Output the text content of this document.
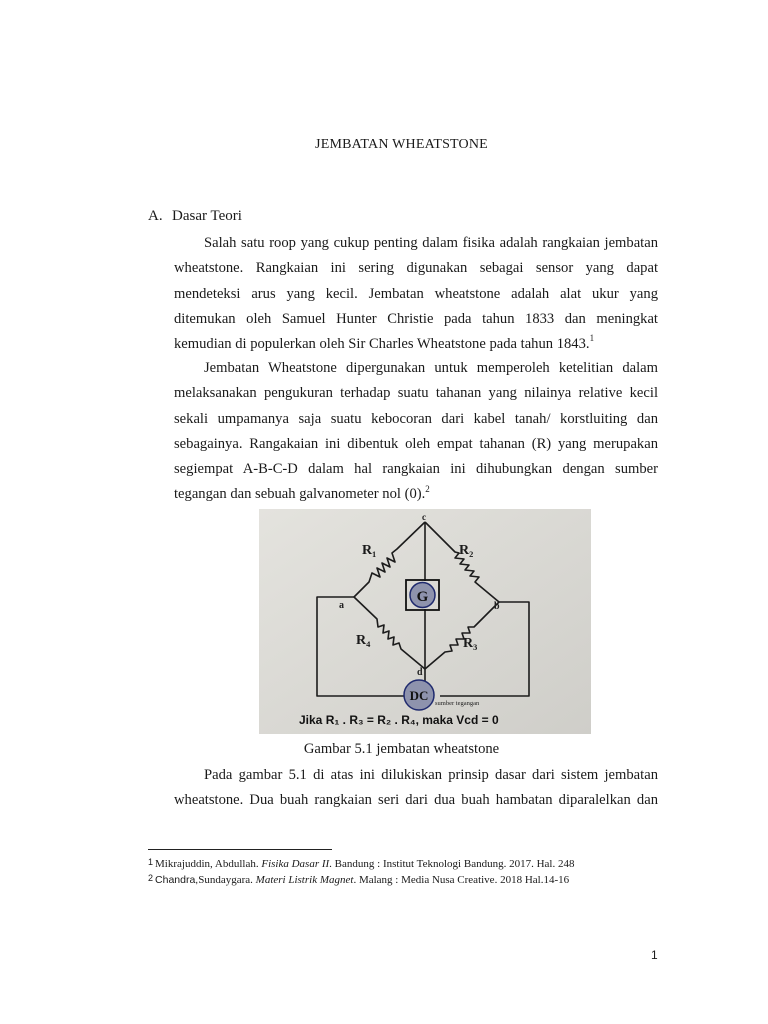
JEMBATAN WHEATSTONE
A. Dasar Teori
Salah satu roop yang cukup penting dalam fisika adalah rangkaian jembatan
wheatstone. Rangkaian ini sering digunakan sebagai sensor yang dapat
mendeteksi arus yang kecil. Jembatan wheatstone adalah alat ukur yang
ditemukan oleh Samuel Hunter Christie pada tahun 1833 dan meningkat
kemudian di populerkan oleh Sir Charles Wheatstone pada tahun 1843.$^1$
Jembatan Wheatstone dipergunakan untuk memperoleh ketelitian dalam
melaksanakan pengukuran terhadap suatu tahanan yang nilainya relative kecil
sekali umpamanya saja suatu kebocoran dari kabel tanah/ korstluiting dan
sebagainya. Rangakaian ini dibentuk oleh empat tahanan (R) yang merupakan
segiempat A-B-C-D dalam hal rangkaian ini dihubungkan dengan sumber
tegangan dan sebuah galvanometer nol (0).$^2$
G
DC
c
a	b
d
R₁	R₂
R₃
R₄
sumber tegangan
Jika R₁ . R₃ = R₂ . R₄, maka Vcd = 0
Gambar 5.1 jembatan wheatstone
Pada gambar 5.1 di atas ini dilukiskan prinsip dasar dari sistem jembatan
wheatstone. Dua buah rangkaian seri dari dua buah hambatan diparalelkan dan
1 Mikrajuddin, Abdullah. Fisika Dasar II. Bandung : Institut Teknologi Bandung. 2017. Hal. 248
2 Chandra,Sundaygara. Materi Listrik Magnet. Malang : Media Nusa Creative. 2018 Hal.14-16
1
